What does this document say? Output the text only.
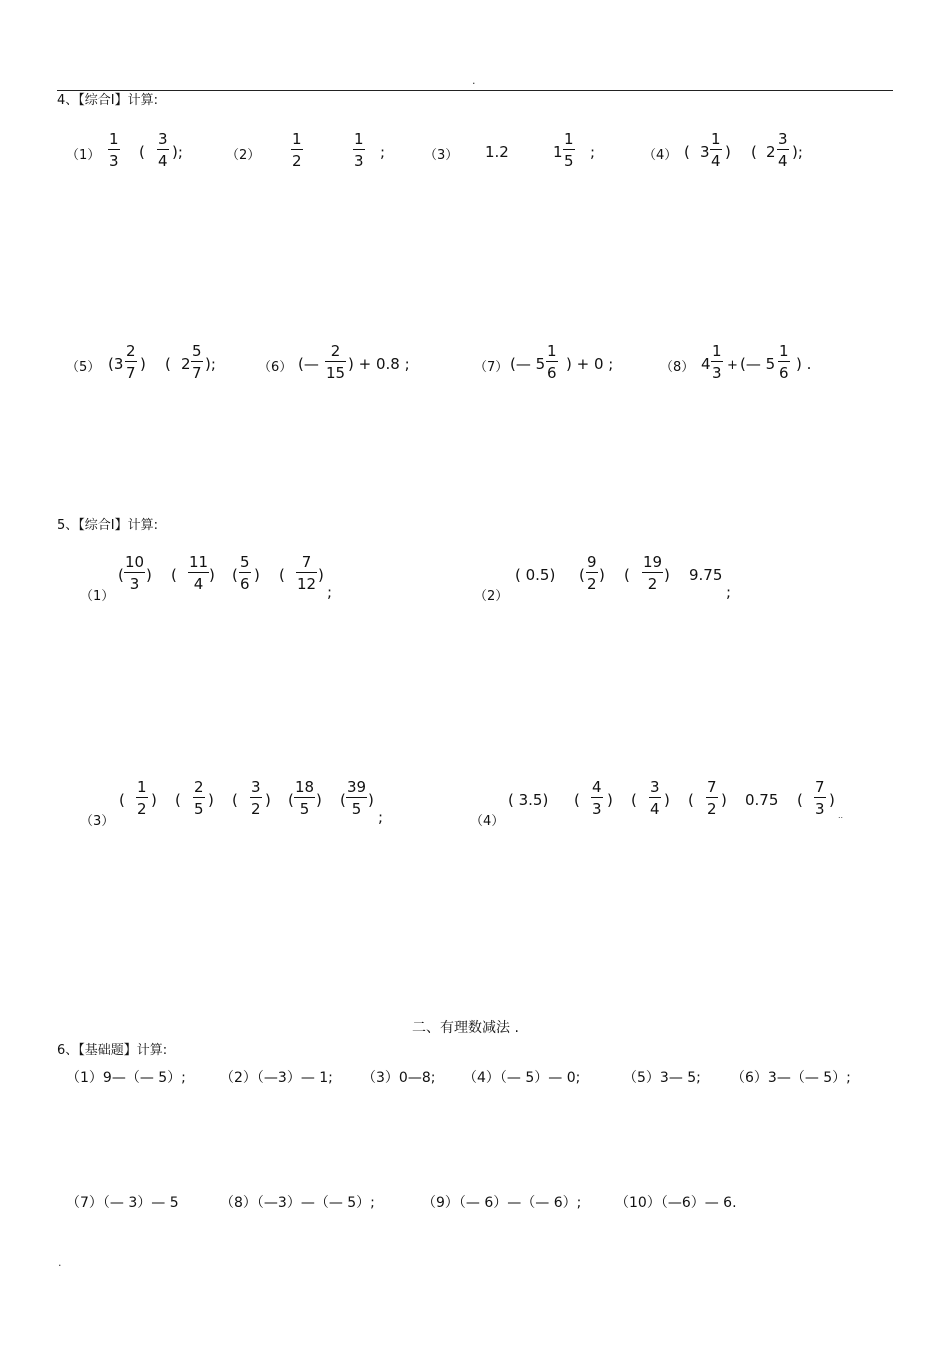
.
4、【综合Ⅰ】计算:
（1）
1
3 (
3
4 );	（2）
1
2
1
3 ;	（3） 1.2	1
1
5 ;	（4） ( 3
1
4 ) ( 2
3
4 );
（5） (3
2
7 ) ( 2
5
7 );	（6） (—
2
15 ) + 0.8 ;	（7） (— 5
1
6 ) + 0 ;	（8） 4
1
3 + (— 5
1
6 ) .
5、【综合Ⅰ】计算:
（1）
(
10
3 ) (
11
4 ) (
5
6 ) (
7
12 )
;	（2）
( 0.5) (
9
2 ) (
19
2 ) 9.75
;
（3）
(
1
2 ) (
2
5 ) (
3
2 ) (
18
5 ) (
39
5 )
;	（4）
( 3.5) (
4
3 ) (
3
4 ) (
7
2 ) 0.75 (
7
3 )
..
二、有理数减法 .
6、【基础题】计算:
（1）9—（— 5）; （2）（—3）— 1; （3）0—8; （4）（— 5）— 0;	（5）3— 5; （6）3—（— 5）;
（7）（— 3）— 5	（8）（—3）—（— 5）;	（9）（— 6）—（— 6）; （10）（—6）— 6.
.
